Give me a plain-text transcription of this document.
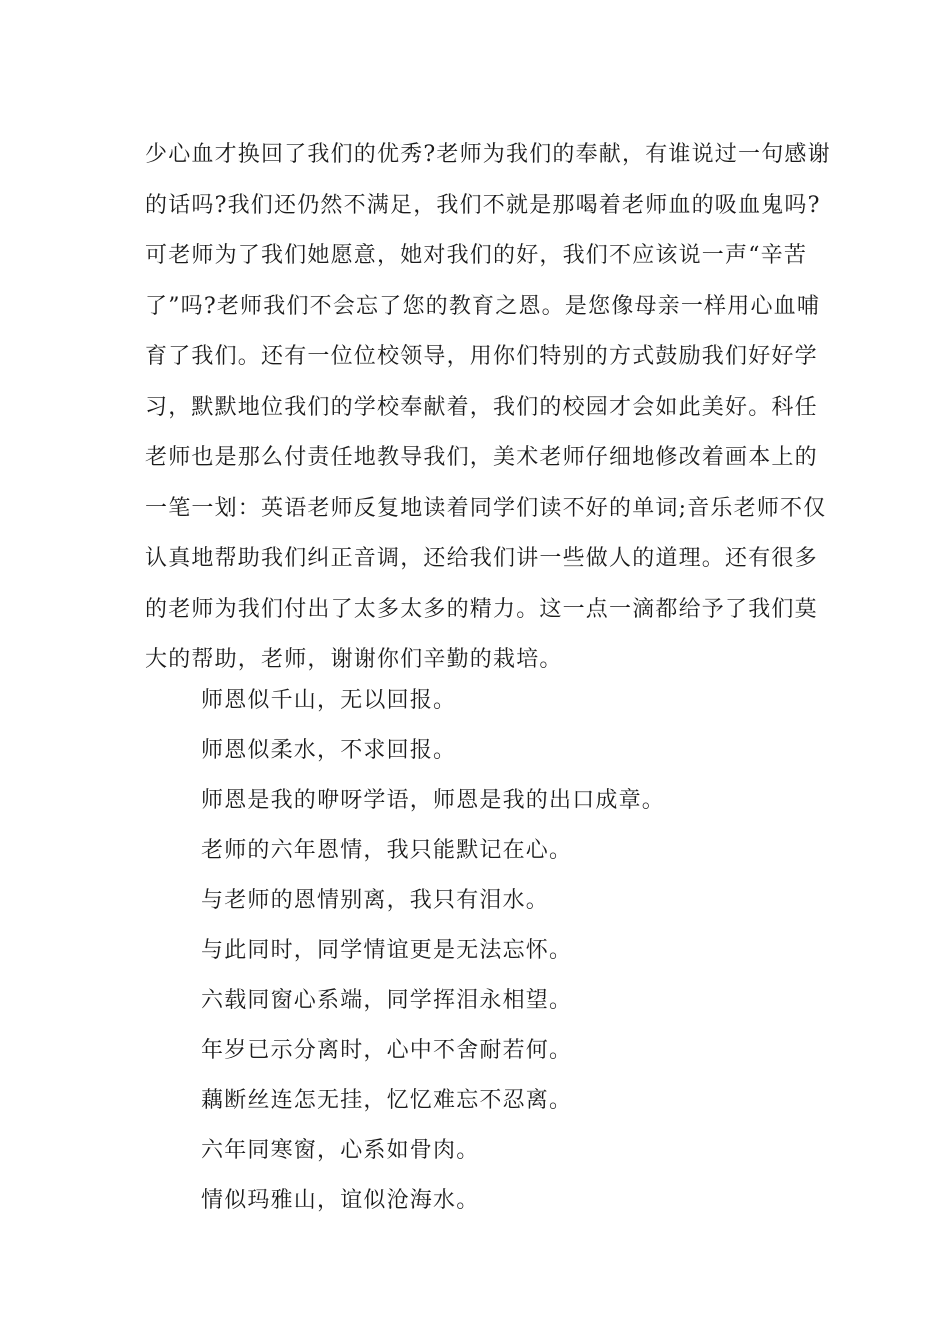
少心血才换回了我们的优秀?老师为我们的奉献，有谁说过一句感谢
的话吗?我们还仍然不满足，我们不就是那喝着老师血的吸血鬼吗?
可老师为了我们她愿意，她对我们的好，我们不应该说一声“辛苦
了”吗?老师我们不会忘了您的教育之恩。是您像母亲一样用心血哺
育了我们。还有一位位校领导，用你们特别的方式鼓励我们好好学
习，默默地位我们的学校奉献着，我们的校园才会如此美好。科任
老师也是那么付责任地教导我们，美术老师仔细地修改着画本上的
一笔一划：英语老师反复地读着同学们读不好的单词;音乐老师不仅
认真地帮助我们纠正音调，还给我们讲一些做人的道理。还有很多
的老师为我们付出了太多太多的精力。这一点一滴都给予了我们莫
大的帮助，老师，谢谢你们辛勤的栽培。
师恩似千山，无以回报。
师恩似柔水，不求回报。
师恩是我的咿呀学语，师恩是我的出口成章。
老师的六年恩情，我只能默记在心。
与老师的恩情别离，我只有泪水。
与此同时，同学情谊更是无法忘怀。
六载同窗心系端，同学挥泪永相望。
年岁已示分离时，心中不舍耐若何。
藕断丝连怎无挂，忆忆难忘不忍离。
六年同寒窗，心系如骨肉。
情似玛雅山，谊似沧海水。
